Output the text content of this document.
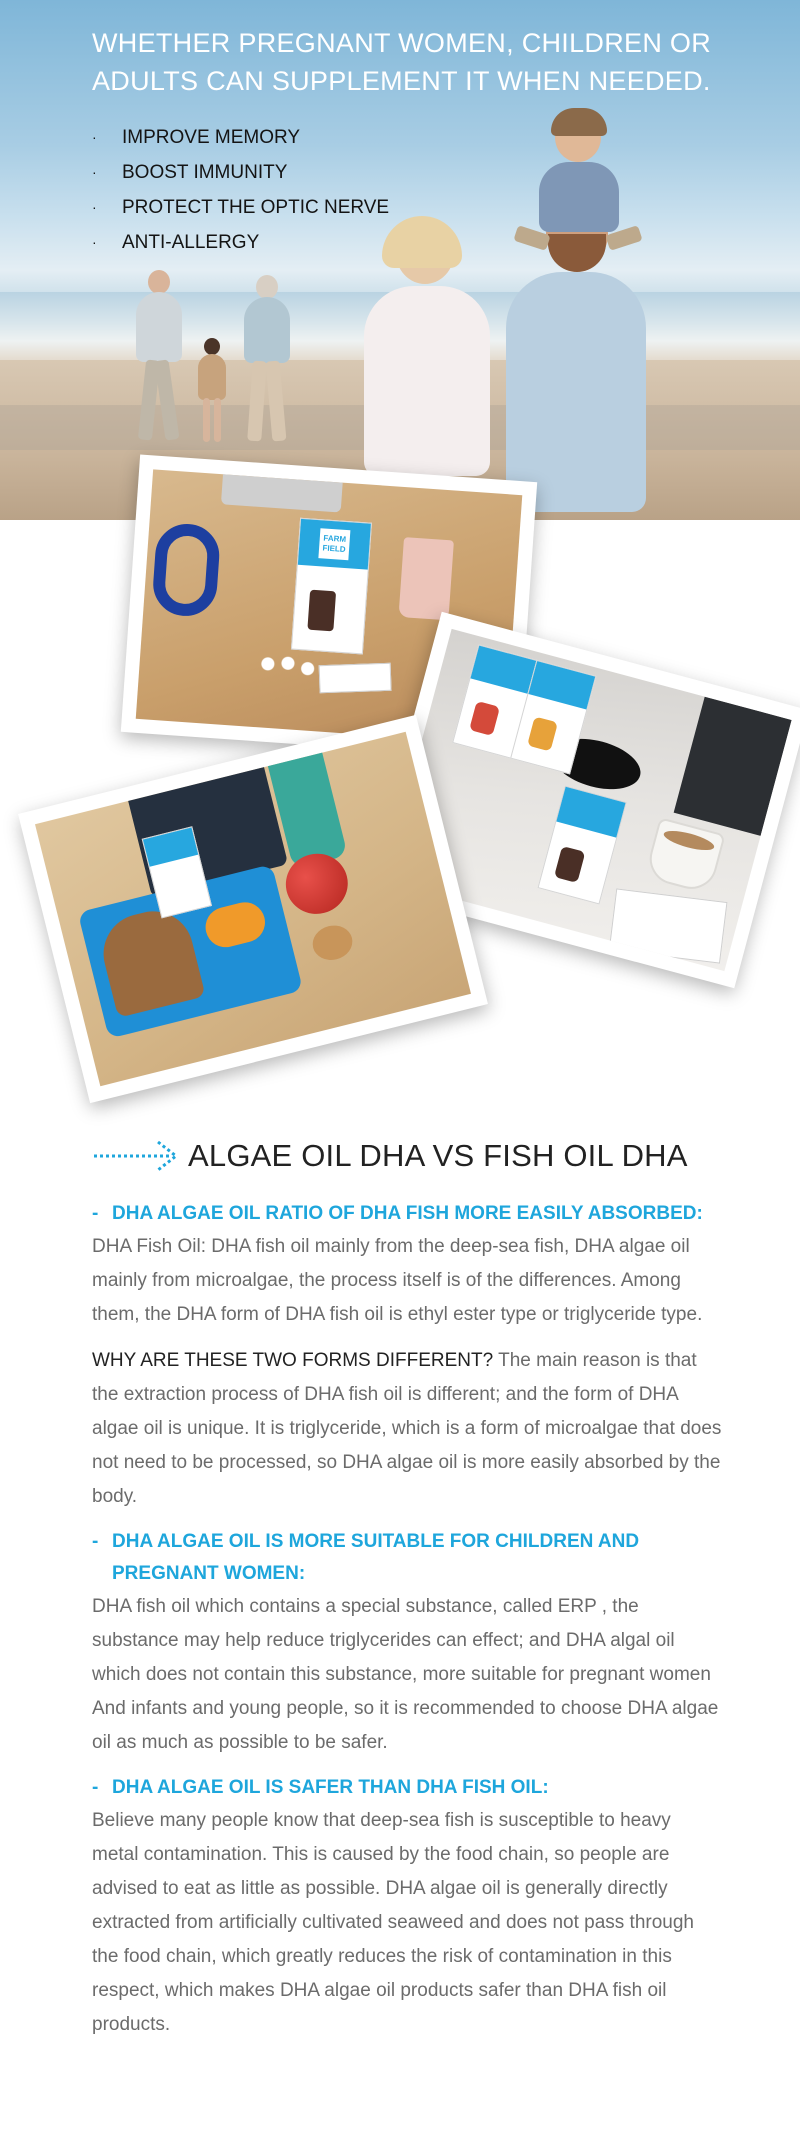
WHETHER PREGNANT WOMEN, CHILDREN OR ADULTS CAN SUPPLEMENT IT WHEN NEEDED.
· IMPROVE MEMORY
· BOOST IMMUNITY
· PROTECT THE OPTIC NERVE
· ANTI-ALLERGY
FARM
FIELD
ALGAE OIL DHA VS FISH OIL DHA
- DHA ALGAE OIL RATIO OF DHA FISH MORE EASILY ABSORBED:

DHA Fish Oil: DHA fish oil mainly from the deep-sea fish, DHA algae oil mainly from microalgae, the process itself is of the differences. Among them, the DHA form of DHA fish oil is ethyl ester type or triglyceride type.

WHY ARE THESE TWO FORMS DIFFERENT? The main reason is that the extraction process of DHA fish oil is different; and the form of DHA algae oil is unique. It is triglyceride, which is a form of microalgae that does not need to be processed, so DHA algae oil is more easily absorbed by the body.

- DHA ALGAE OIL IS MORE SUITABLE FOR CHILDREN AND PREGNANT WOMEN:

DHA fish oil which contains a special substance, called ERP , the substance may help reduce triglycerides can effect; and DHA algal oil which does not contain this substance, more suitable for pregnant women And infants and young people, so it is recommended to choose DHA algae oil as much as possible to be safer.

- DHA ALGAE OIL IS SAFER THAN DHA FISH OIL:

Believe many people know that deep-sea fish is susceptible to heavy metal contamination. This is caused by the food chain, so people are advised to eat as little as possible. DHA algae oil is generally directly extracted from artificially cultivated seaweed and does not pass through the food chain, which greatly reduces the risk of contamination in this respect, which makes DHA algae oil products safer than DHA fish oil products.
